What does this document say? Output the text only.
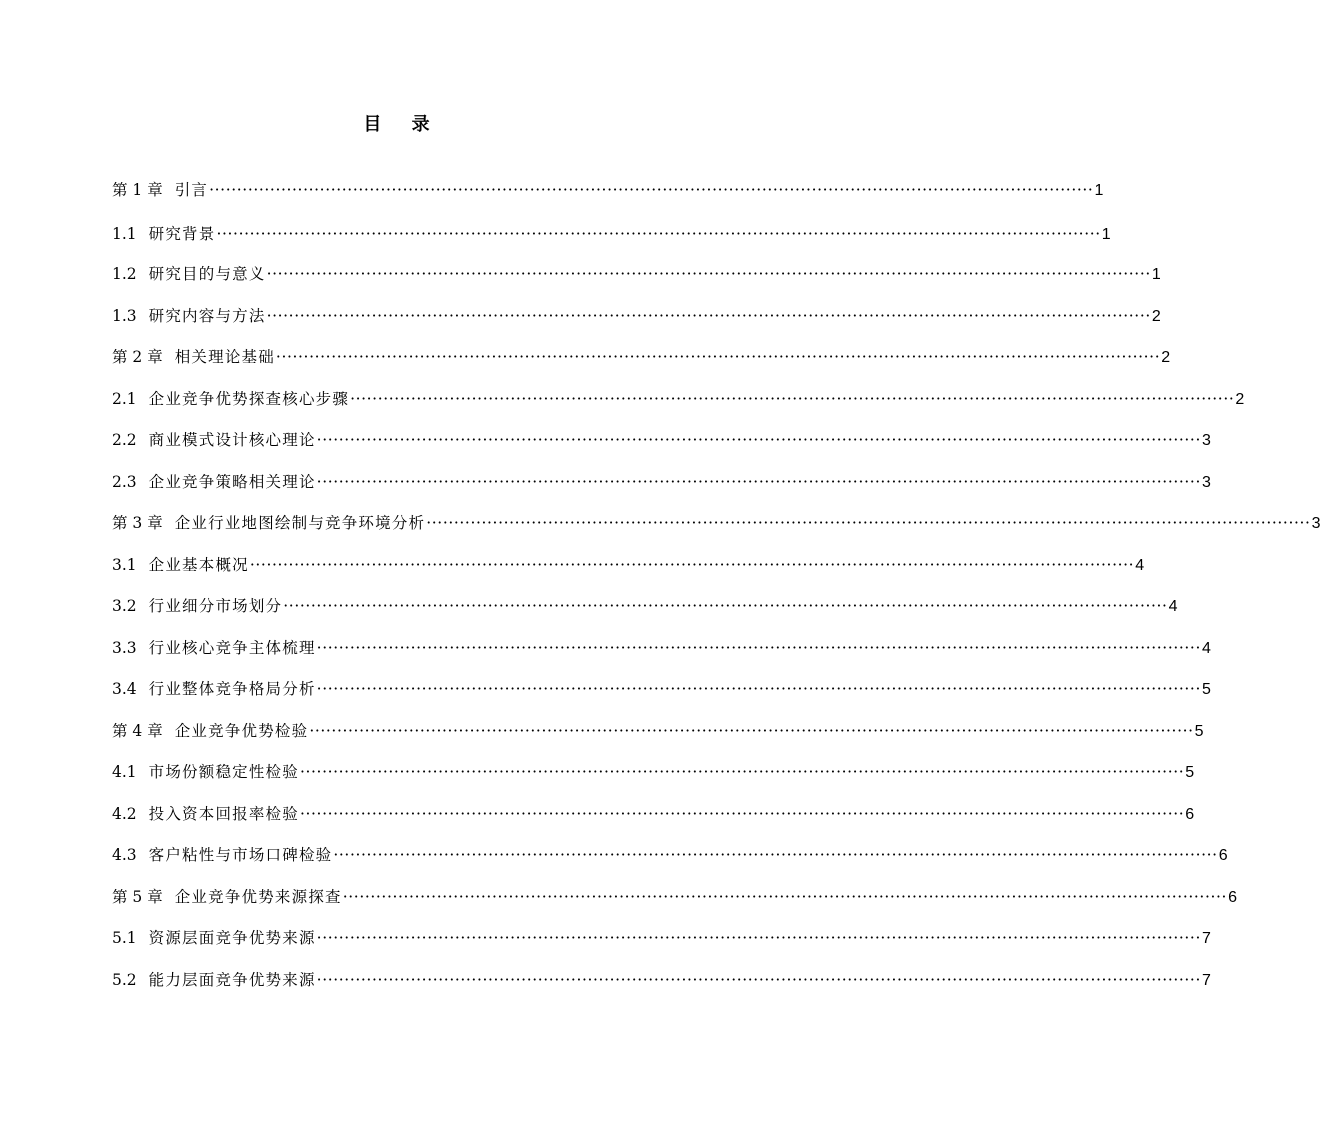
目 录
第 1 章 引言 ································································································································································ 1
1.1 研究背景 ································································································································································ 1
1.2 研究目的与意义 ································································································································································ 1
1.3 研究内容与方法 ································································································································································ 2
第 2 章 相关理论基础 ································································································································································ 2
2.1 企业竞争优势探查核心步骤 ································································································································································ 2
2.2 商业模式设计核心理论 ································································································································································ 3
2.3 企业竞争策略相关理论 ································································································································································ 3
第 3 章 企业行业地图绘制与竞争环境分析 ································································································································································ 3
3.1 企业基本概况 ································································································································································ 4
3.2 行业细分市场划分 ································································································································································ 4
3.3 行业核心竞争主体梳理 ································································································································································ 4
3.4 行业整体竞争格局分析 ································································································································································ 5
第 4 章 企业竞争优势检验 ································································································································································ 5
4.1 市场份额稳定性检验 ································································································································································ 5
4.2 投入资本回报率检验 ································································································································································ 6
4.3 客户粘性与市场口碑检验 ································································································································································ 6
第 5 章 企业竞争优势来源探查 ································································································································································ 6
5.1 资源层面竞争优势来源 ································································································································································ 7
5.2 能力层面竞争优势来源 ································································································································································ 7
